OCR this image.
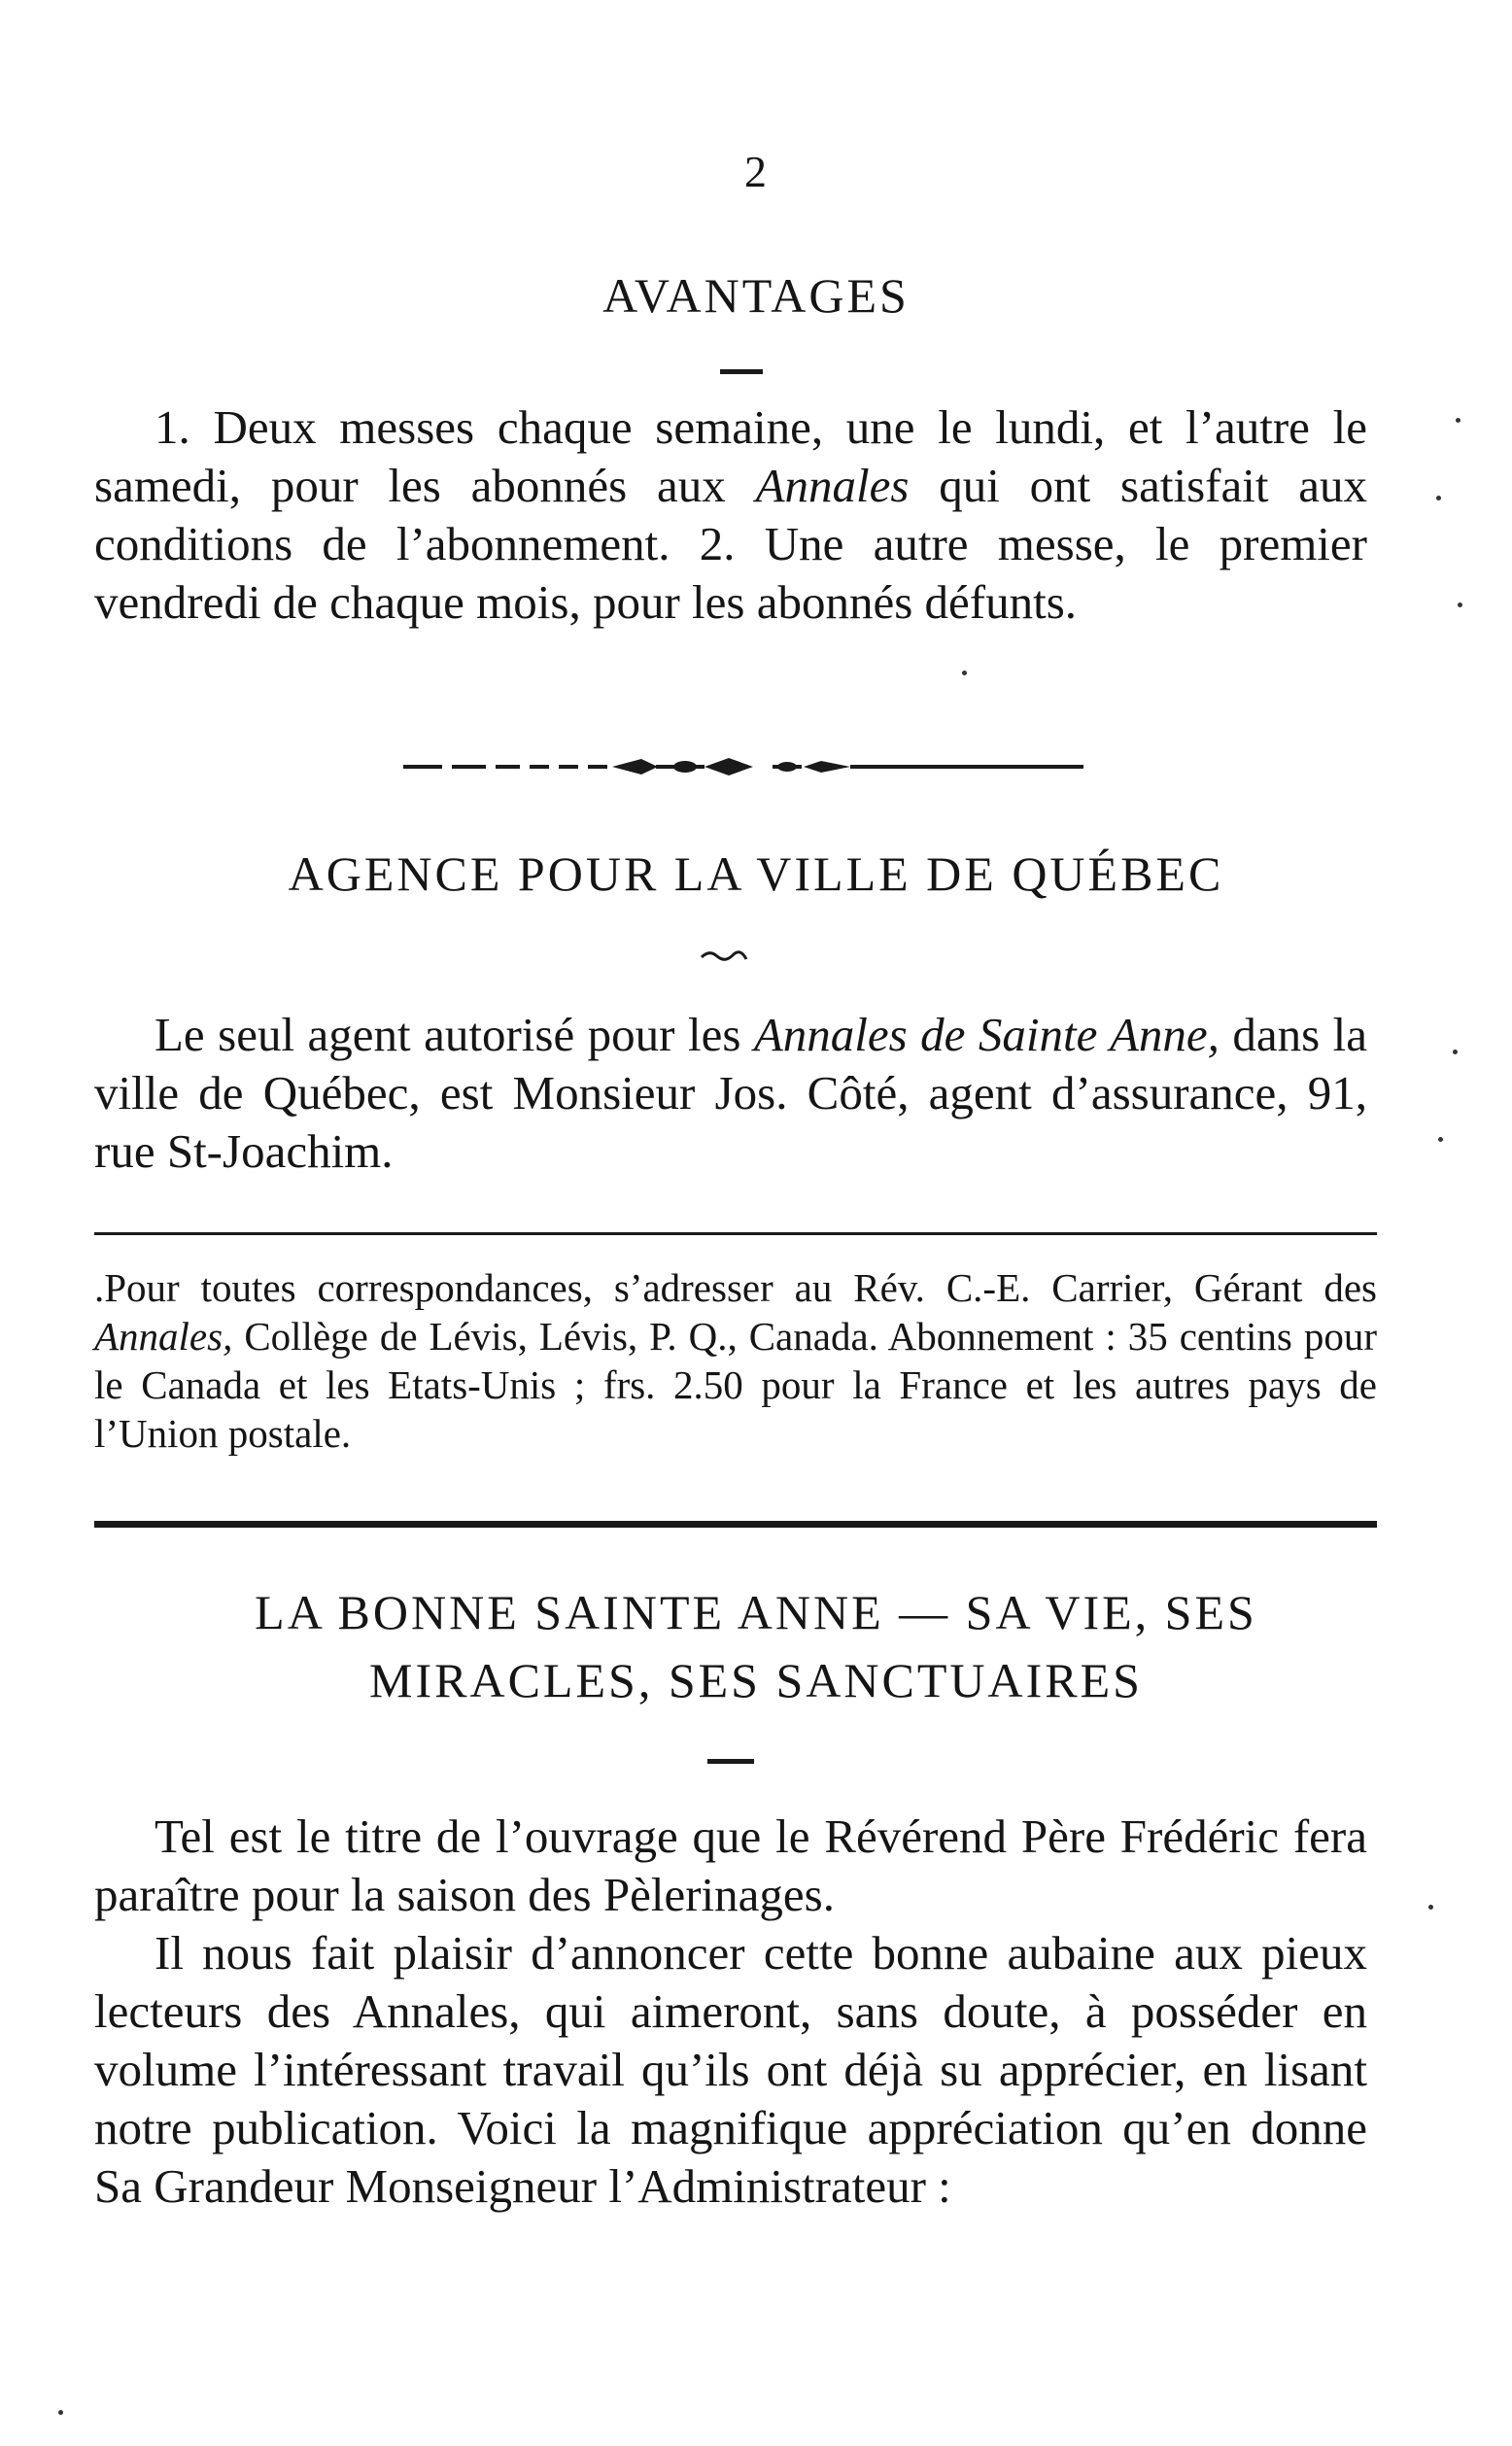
2
AVANTAGES

1. Deux messes chaque semaine, une le lundi, et l’autre le samedi, pour les abonnés aux Annales qui ont satisfait aux conditions de l’abonnement. 2. Une autre messe, le premier vendredi de chaque mois, pour les abonnés défunts.

AGENCE POUR LA VILLE DE QUÉBEC

Le seul agent autorisé pour les Annales de Sainte Anne, dans la ville de Québec, est Monsieur Jos. Côté, agent d’assurance, 91, rue St-Joachim.

.Pour toutes correspondances, s’adresser au Rév. C.-E. Carrier, Gérant des Annales, Collège de Lévis, Lévis, P. Q., Canada. Abonnement : 35 centins pour le Canada et les Etats-Unis ; frs. 2.50 pour la France et les autres pays de l’Union postale.

LA BONNE SAINTE ANNE — SA VIE, SES
MIRACLES, SES SANCTUAIRES

Tel est le titre de l’ouvrage que le Révérend Père Frédéric fera paraître pour la saison des Pèlerinages.

Il nous fait plaisir d’annoncer cette bonne aubaine aux pieux lecteurs des Annales, qui aimeront, sans doute, à posséder en volume l’intéressant travail qu’ils ont déjà su apprécier, en lisant notre publication. Voici la magnifique appréciation qu’en donne Sa Grandeur Monseigneur l’Administrateur :
